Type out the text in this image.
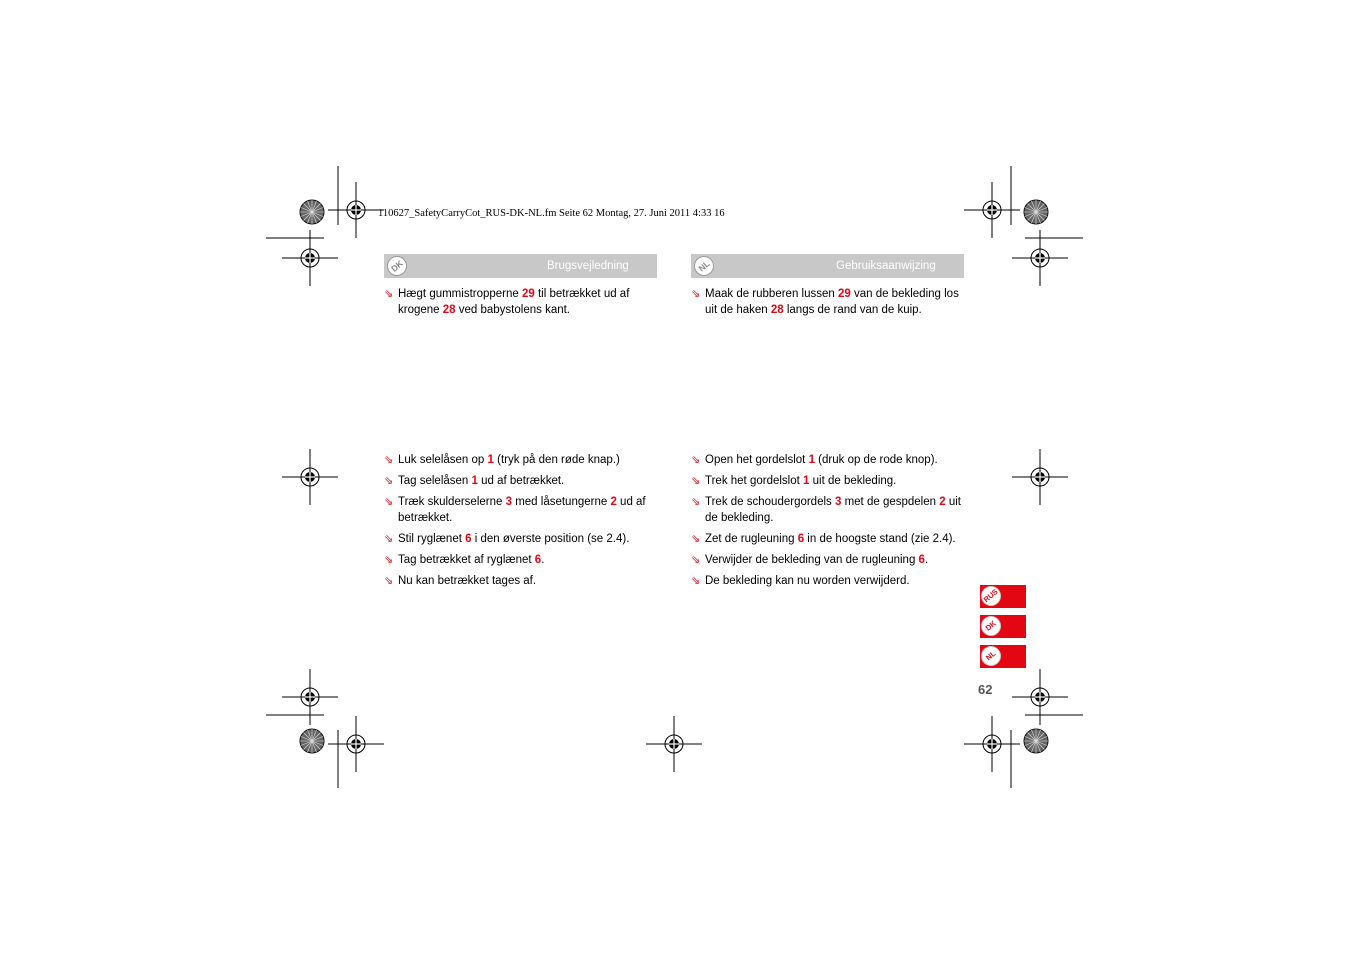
110627_SafetyCarryCot_RUS-DK-NL.fm Seite 62 Montag, 27. Juni 2011 4:33 16
DK	Brugsvejledning	NL	Gebruiksaanwijzing
⇘ Hægt gummistropperne 29 til betrækket ud af krogene 28 ved babystolens kant.
⇘ Maak de rubberen lussen 29 van de bekleding los uit de haken 28 langs de rand van de kuip.
⇘ Luk selelåsen op 1 (tryk på den røde knap.)
⇘ Tag selelåsen 1 ud af betrækket.
⇘ Træk skulderselerne 3 med låsetungerne 2 ud af betrækket.
⇘ Stil ryglænet 6 i den øverste position (se 2.4).
⇘ Tag betrækket af ryglænet 6.
⇘ Nu kan betrækket tages af.
⇘ Open het gordelslot 1 (druk op de rode knop).
⇘ Trek het gordelslot 1 uit de bekleding.
⇘ Trek de schoudergordels 3 met de gespdelen 2 uit de bekleding.
⇘ Zet de rugleuning 6 in de hoogste stand (zie 2.4).
⇘ Verwijder de bekleding van de rugleuning 6.
⇘ De bekleding kan nu worden verwijderd.
RUS
DK
NL
62
